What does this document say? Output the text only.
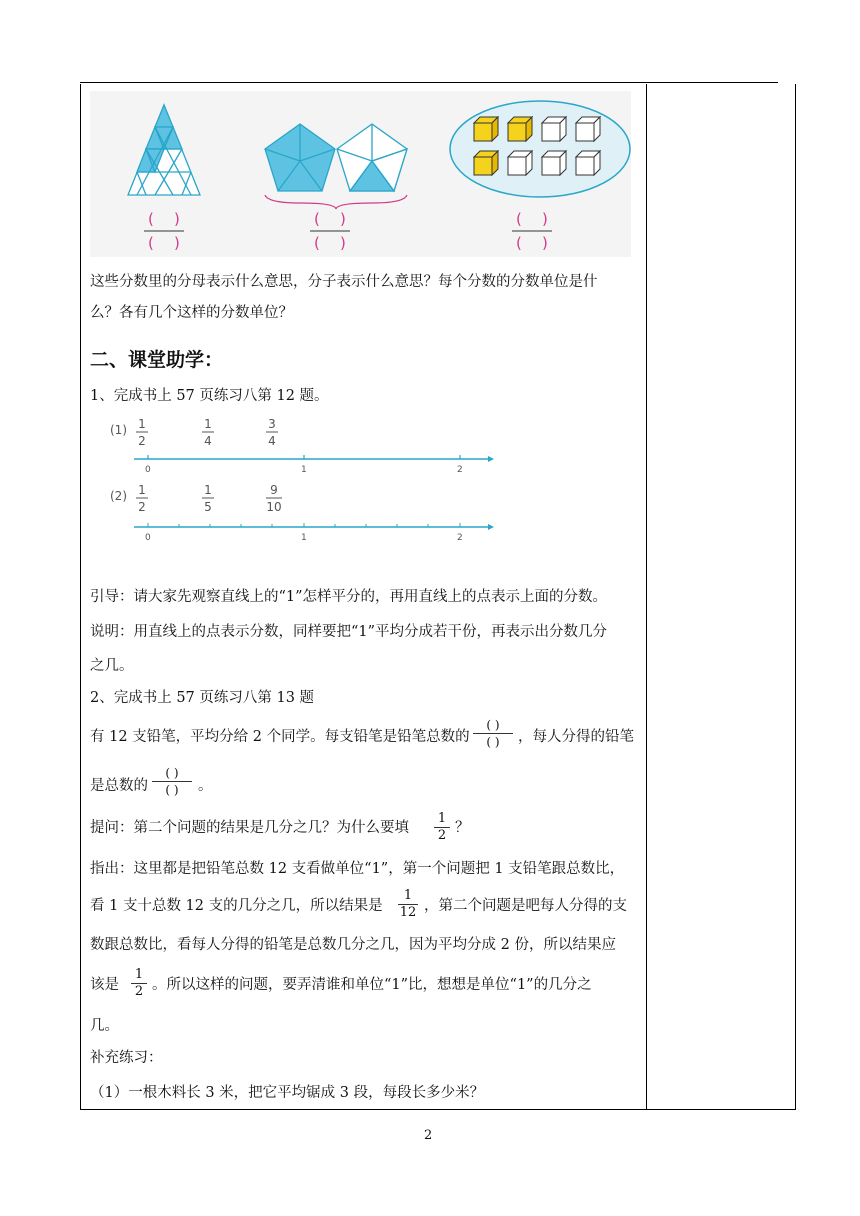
( )
( )
( )
( )
( )
( )
这些分数里的分母表示什么意思，分子表示什么意思？每个分数的分数单位是什
么？各有几个这样的分数单位？
二、课堂助学：
1、完成书上 57 页练习八第 12 题。
(1) 1
2
1
4
3
4
0	1	2
(2) 1
2
1
5
9
10
0	1	2
引导：请大家先观察直线上的“1”怎样平分的，再用直线上的点表示上面的分数。
说明：用直线上的点表示分数，同样要把“1”平均分成若干份，再表示出分数几分
之几。
2、完成书上 57 页练习八第 13 题
有 12 支铅笔，平均分给 2 个同学。每支铅笔是铅笔总数的
( )
( )	，每人分得的铅笔
是总数的
( )
( )	。
提问：第二个问题的结果是几分之几？为什么要填
1
2 ？
指出：这里都是把铅笔总数 12 支看做单位“1”，第一个问题把 1 支铅笔跟总数比，
看 1 支十总数 12 支的几分之几，所以结果是
1
12 ，第二个问题是吧每人分得的支
数跟总数比，看每人分得的铅笔是总数几分之几，因为平均分成 2 份，所以结果应
该是
1
2 。所以这样的问题，要弄清谁和单位“1”比，想想是单位“1”的几分之
几。
补充练习：
（1）一根木料长 3 米，把它平均锯成 3 段，每段长多少米？
2
